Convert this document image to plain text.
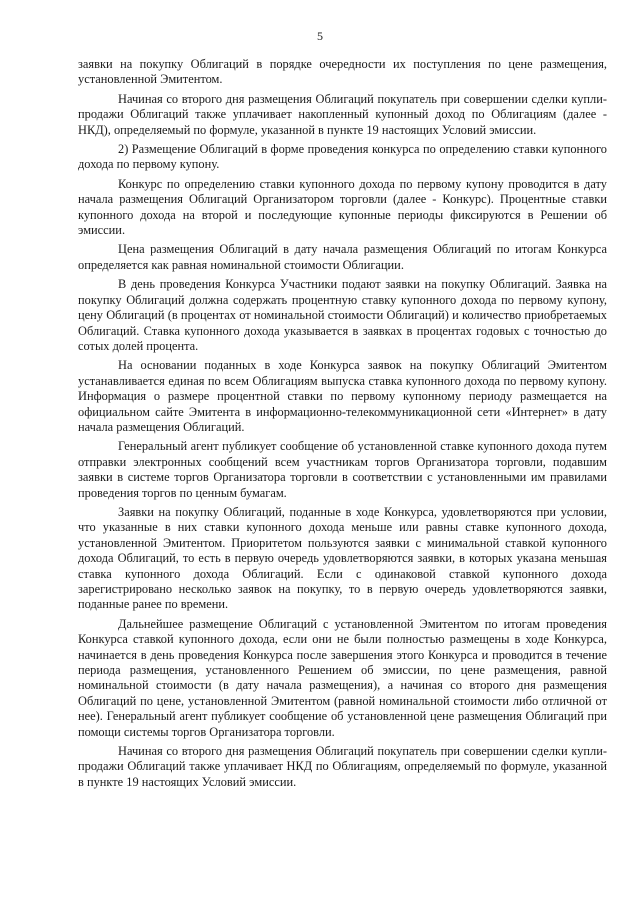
5

заявки на покупку Облигаций в порядке очередности их поступления по цене размещения, установленной Эмитентом.

Начиная со второго дня размещения Облигаций покупатель при совершении сделки купли-продажи Облигаций также уплачивает накопленный купонный доход по Облигациям (далее - НКД), определяемый по формуле, указанной в пункте 19 настоящих Условий эмиссии.

2) Размещение Облигаций в форме проведения конкурса по определению ставки купонного дохода по первому купону.

Конкурс по определению ставки купонного дохода по первому купону проводится в дату начала размещения Облигаций Организатором торговли (далее - Конкурс). Процентные ставки купонного дохода на второй и последующие купонные периоды фиксируются в Решении об эмиссии.

Цена размещения Облигаций в дату начала размещения Облигаций по итогам Конкурса определяется как равная номинальной стоимости Облигации.

В день проведения Конкурса Участники подают заявки на покупку Облигаций. Заявка на покупку Облигаций должна содержать процентную ставку купонного дохода по первому купону, цену Облигаций (в процентах от номинальной стоимости Облигаций) и количество приобретаемых Облигаций. Ставка купонного дохода указывается в заявках в процентах годовых с точностью до сотых долей процента.

На основании поданных в ходе Конкурса заявок на покупку Облигаций Эмитентом устанавливается единая по всем Облигациям выпуска ставка купонного дохода по первому купону. Информация о размере процентной ставки по первому купонному периоду размещается на официальном сайте Эмитента в информационно-телекоммуникационной сети «Интернет» в дату начала размещения Облигаций.

Генеральный агент публикует сообщение об установленной ставке купонного дохода путем отправки электронных сообщений всем участникам торгов Организатора торговли, подавшим заявки в системе торгов Организатора торговли в соответствии с установленными им правилами проведения торгов по ценным бумагам.

Заявки на покупку Облигаций, поданные в ходе Конкурса, удовлетворяются при условии, что указанные в них ставки купонного дохода меньше или равны ставке купонного дохода, установленной Эмитентом. Приоритетом пользуются заявки с минимальной ставкой купонного дохода Облигаций, то есть в первую очередь удовлетворяются заявки, в которых указана меньшая ставка купонного дохода Облигаций. Если с одинаковой ставкой купонного дохода зарегистрировано несколько заявок на покупку, то в первую очередь удовлетворяются заявки, поданные ранее по времени.

Дальнейшее размещение Облигаций с установленной Эмитентом по итогам проведения Конкурса ставкой купонного дохода, если они не были полностью размещены в ходе Конкурса, начинается в день проведения Конкурса после завершения этого Конкурса и проводится в течение периода размещения, установленного Решением об эмиссии, по цене размещения, равной номинальной стоимости (в дату начала размещения), а начиная со второго дня размещения Облигаций по цене, установленной Эмитентом (равной номинальной стоимости либо отличной от нее). Генеральный агент публикует сообщение об установленной цене размещения Облигаций при помощи системы торгов Организатора торговли.

Начиная со второго дня размещения Облигаций покупатель при совершении сделки купли-продажи Облигаций также уплачивает НКД по Облигациям, определяемый по формуле, указанной в пункте 19 настоящих Условий эмиссии.
